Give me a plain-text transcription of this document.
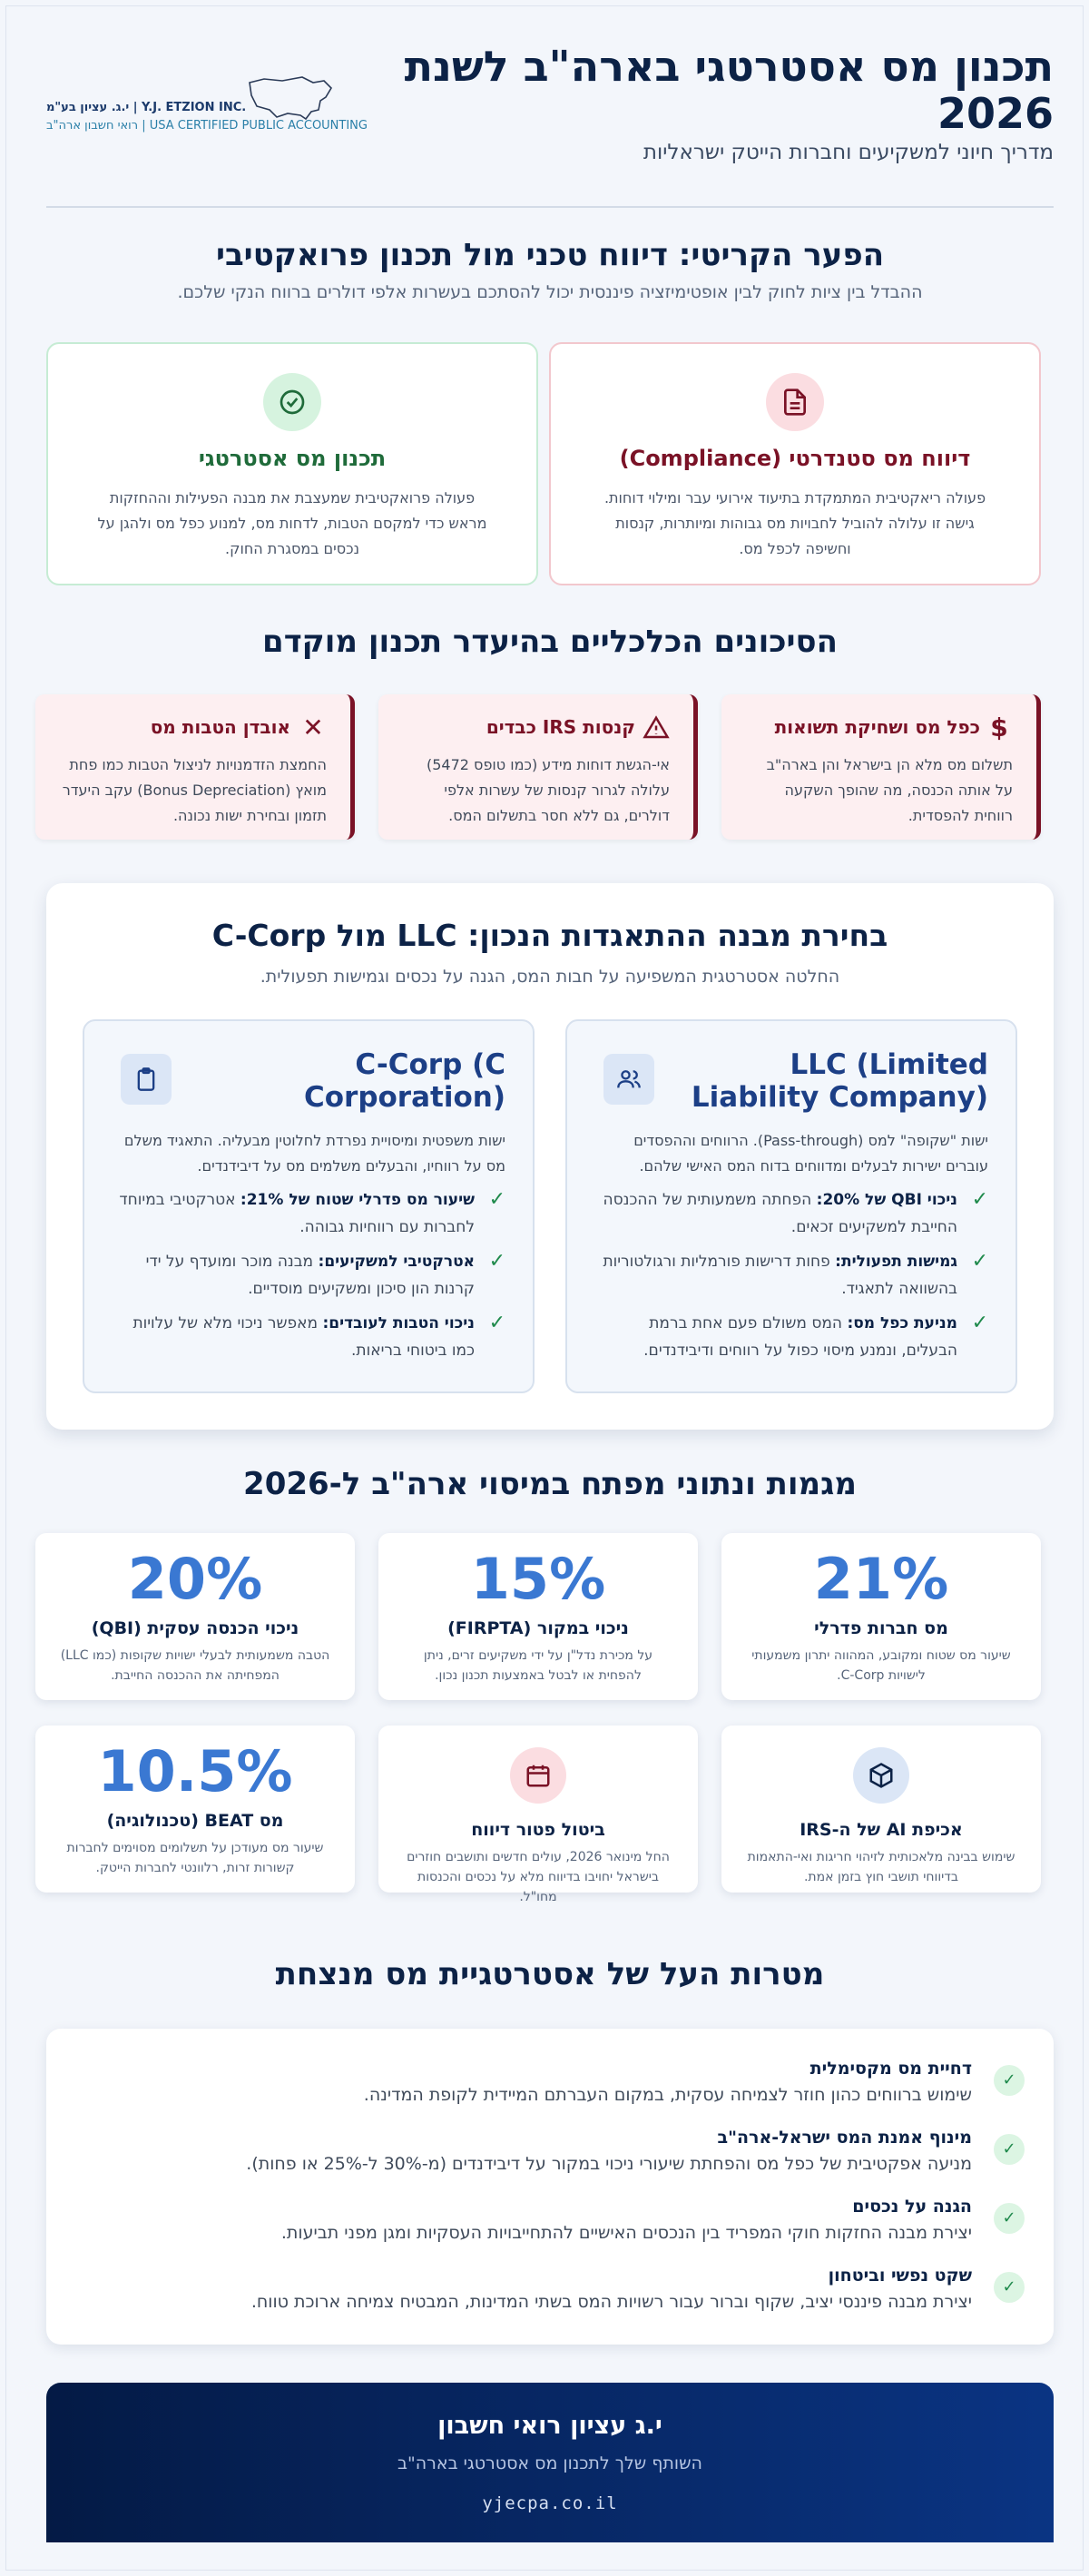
תכנון מס אסטרטגי בארה"ב לשנת 2026
מדריך חיוני למשקיעים וחברות הייטק ישראליות
י.ג. עציון בע"מ | Y.J. ETZION INC.
רואי חשבון ארה"ב | USA CERTIFIED PUBLIC ACCOUNTING
הפער הקריטי: דיווח טכני מול תכנון פרואקטיבי
ההבדל בין ציות לחוק לבין אופטימיזציה פיננסית יכול להסתכם בעשרות אלפי דולרים ברווח הנקי שלכם.
דיווח מס סטנדרטי (Compliance)
פעולה ריאקטיבית המתמקדת בתיעוד אירועי עבר ומילוי דוחות. גישה זו עלולה להוביל לחבויות מס גבוהות ומיותרות, קנסות וחשיפה לכפל מס.
תכנון מס אסטרטגי
פעולה פרואקטיבית שמעצבת את מבנה הפעילות וההחזקות מראש כדי למקסם הטבות, לדחות מס, למנוע כפל מס ולהגן על נכסים במסגרת החוק.
הסיכונים הכלכליים בהיעדר תכנון מוקדם
כפל מס ושחיקת תשואות $
תשלום מס מלא הן בישראל והן בארה"ב על אותה הכנסה, מה שהופך השקעה רווחית להפסדית.
קנסות IRS כבדים
אי-הגשת דוחות מידע (כמו טופס 5472) עלולה לגרור קנסות של עשרות אלפי דולרים, גם ללא חסר בתשלום המס.
אובדן הטבות מס ✕
החמצת הזדמנויות לניצול הטבות כמו פחת מואץ (Bonus Depreciation) עקב היעדר תזמון ובחירת ישות נכונה.
בחירת מבנה ההתאגדות הנכון: LLC מול C-Corp
החלטה אסטרטגית המשפיעה על חבות המס, הגנה על נכסים וגמישות תפעולית.
LLC (Limited Liability Company)
ישות "שקופה" למס (Pass-through). הרווחים וההפסדים עוברים ישירות לבעלים ומדווחים בדוח המס האישי שלהם.
✓
ניכוי QBI של 20%: הפחתה משמעותית של ההכנסה החייבת למשקיעים זכאים.
✓
גמישות תפעולית: פחות דרישות פורמליות ורגולטוריות בהשוואה לתאגיד.
✓
מניעת כפל מס: המס משולם פעם אחת ברמת הבעלים, ונמנע מיסוי כפול על רווחים ודיבידנדים.
C-Corp (C Corporation)
ישות משפטית ומיסויית נפרדת לחלוטין מבעליה. התאגיד משלם מס על רווחיו, והבעלים משלמים מס על דיבידנדים.
✓
שיעור מס פדרלי שטוח של 21%: אטרקטיבי במיוחד לחברות עם רווחיות גבוהה.
✓
אטרקטיבי למשקיעים: מבנה מוכר ומועדף על ידי קרנות הון סיכון ומשקיעים מוסדיים.
✓
ניכוי הטבות לעובדים: מאפשר ניכוי מלא של עלויות כמו ביטוחי בריאות.
מגמות ונתוני מפתח במיסוי ארה"ב ל-2026
21%
מס חברות פדרלי
שיעור מס שטוח ומקובע, המהווה יתרון משמעותי לישויות C-Corp.
15%
ניכוי במקור (FIRPTA)
על מכירת נדל"ן על ידי משקיעים זרים, ניתן להפחית או לבטל באמצעות תכנון נכון.
20%
ניכוי הכנסה עסקית (QBI)
הטבה משמעותית לבעלי ישויות שקופות (כמו LLC) המפחיתה את ההכנסה החייבת.
אכיפת AI של ה-IRS
שימוש בבינה מלאכותית לזיהוי חריגות ואי-התאמות בדיווחי תושבי חוץ בזמן אמת.
ביטול פטור דיווח
החל מינואר 2026, עולים חדשים ותושבים חוזרים בישראל יחויבו בדיווח מלא על נכסים והכנסות מחו"ל.
10.5%
מס BEAT (טכנולוגיה)
שיעור מס מעודכן על תשלומים מסוימים לחברות קשורות זרות, רלוונטי לחברות הייטק.
מטרות העל של אסטרטגיית מס מנצחת
✓
דחיית מס מקסימלית
שימוש ברווחים כהון חוזר לצמיחה עסקית, במקום העברתם המיידית לקופת המדינה.
✓
מינוף אמנת המס ישראל-ארה"ב
מניעה אפקטיבית של כפל מס והפחתת שיעורי ניכוי במקור על דיבידנדים (מ-30% ל-25% או פחות).
✓
הגנה על נכסים
יצירת מבנה החזקות חוקי המפריד בין הנכסים האישיים להתחייבויות העסקיות ומגן מפני תביעות.
✓
שקט נפשי וביטחון
יצירת מבנה פיננסי יציב, שקוף וברור עבור רשויות המס בשתי המדינות, המבטיח צמיחה ארוכת טווח.
י.ג עציון רואי חשבון
השותף שלך לתכנון מס אסטרטגי בארה"ב
yjecpa.co.il
